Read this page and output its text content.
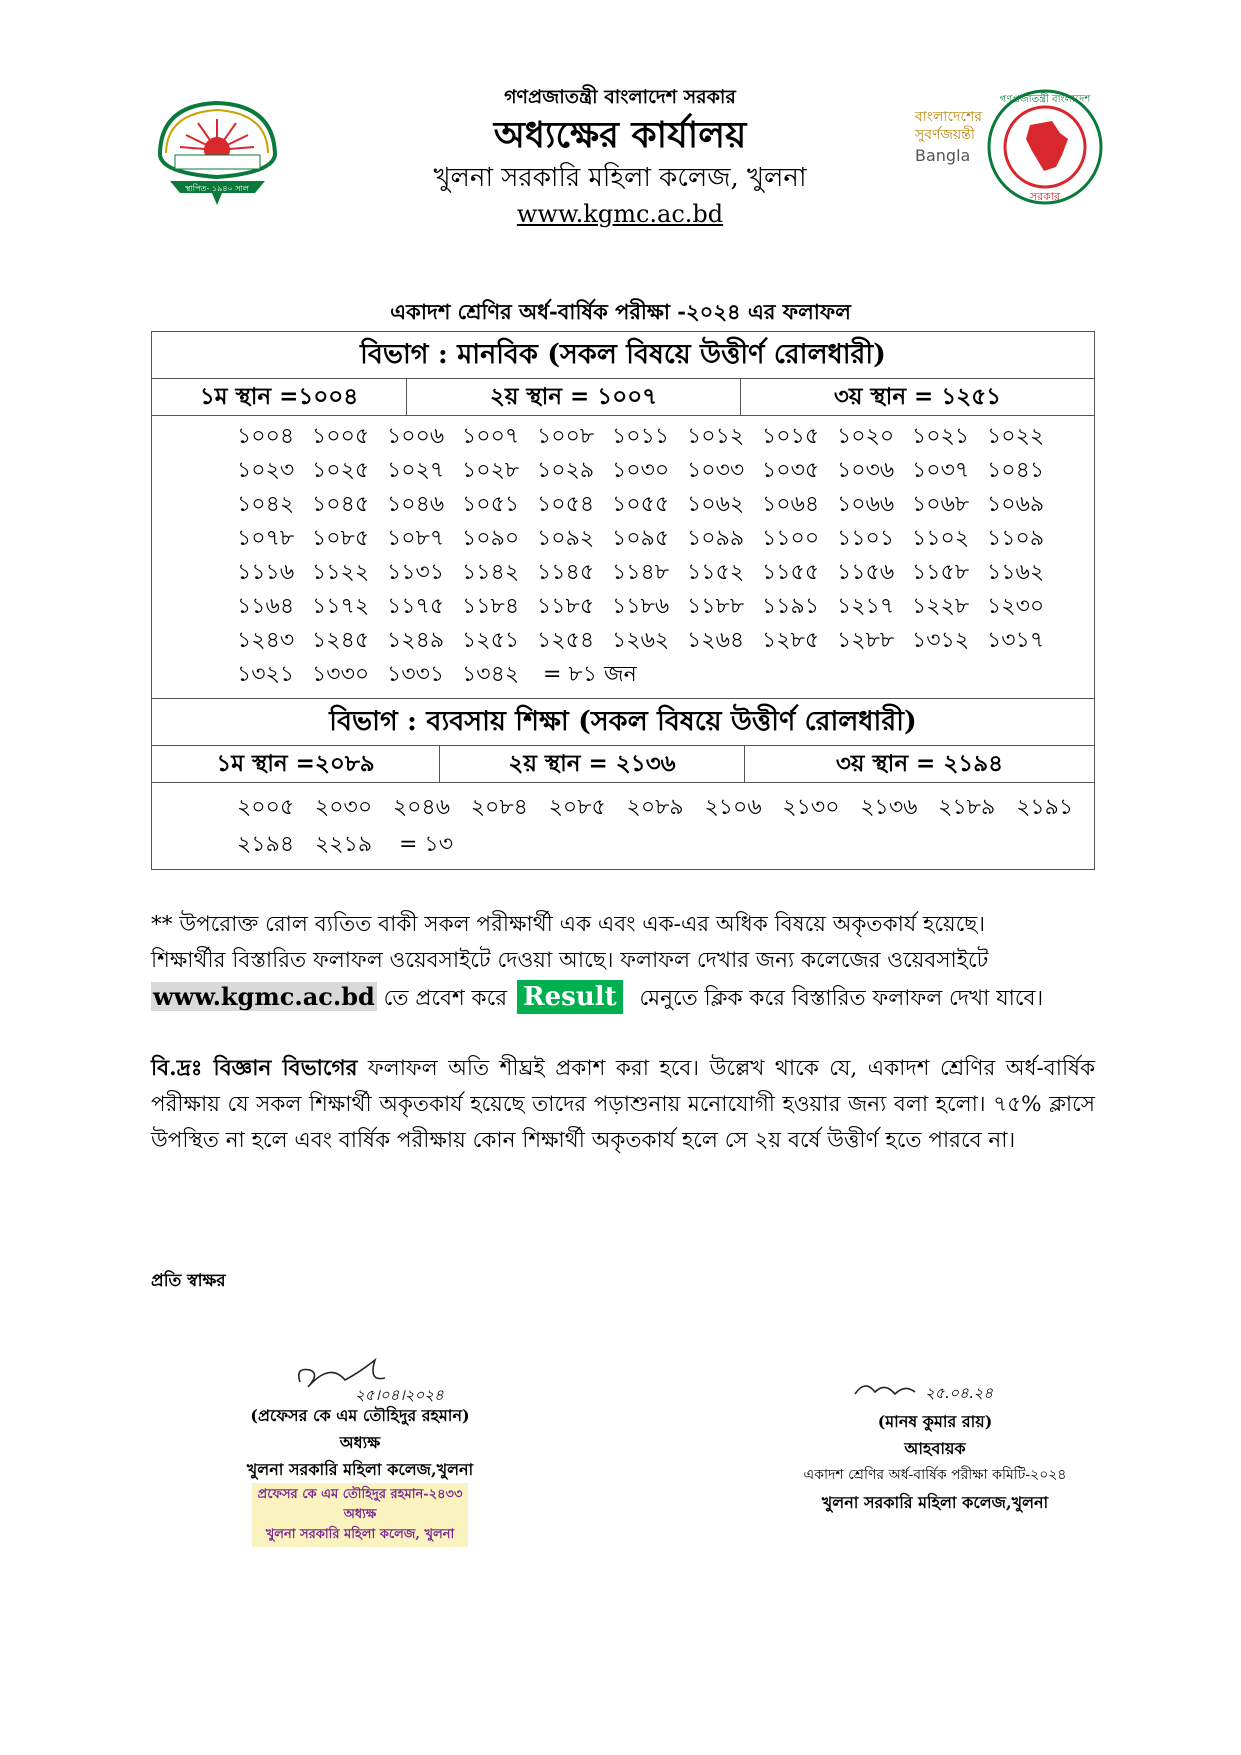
স্থাপিত- ১৯৪০ সাল

গণপ্রজাতন্ত্রী বাংলাদেশ সরকার

অধ্যক্ষের কার্যালয়

খুলনা সরকারি মহিলা কলেজ, খুলনা

www.kgmc.ac.bd

বাংলাদেশের
সুবর্ণজয়ন্তী
Bangla
গণপ্রজাতন্ত্রী বাংলাদেশ
সরকার
একাদশ শ্রেণির অর্ধ-বার্ষিক পরীক্ষা -২০২৪ এর ফলাফল
বিভাগ : মানবিক (সকল বিষয়ে উত্তীর্ণ রোলধারী)
১ম স্থান =১০০৪	২য় স্থান = ১০০৭	৩য় স্থান = ১২৫১
১০০৪ ১০০৫ ১০০৬ ১০০৭ ১০০৮ ১০১১ ১০১২ ১০১৫ ১০২০ ১০২১ ১০২২
১০২৩ ১০২৫ ১০২৭ ১০২৮ ১০২৯ ১০৩০ ১০৩৩ ১০৩৫ ১০৩৬ ১০৩৭ ১০৪১
১০৪২ ১০৪৫ ১০৪৬ ১০৫১ ১০৫৪ ১০৫৫ ১০৬২ ১০৬৪ ১০৬৬ ১০৬৮ ১০৬৯
১০৭৮ ১০৮৫ ১০৮৭ ১০৯০ ১০৯২ ১০৯৫ ১০৯৯ ১১০০ ১১০১ ১১০২ ১১০৯
১১১৬ ১১২২ ১১৩১ ১১৪২ ১১৪৫ ১১৪৮ ১১৫২ ১১৫৫ ১১৫৬ ১১৫৮ ১১৬২
১১৬৪ ১১৭২ ১১৭৫ ১১৮৪ ১১৮৫ ১১৮৬ ১১৮৮ ১১৯১ ১২১৭ ১২২৮ ১২৩০
১২৪৩ ১২৪৫ ১২৪৯ ১২৫১ ১২৫৪ ১২৬২ ১২৬৪ ১২৮৫ ১২৮৮ ১৩১২ ১৩১৭
১৩২১ ১৩৩০ ১৩৩১ ১৩৪২	= ৮১ জন
বিভাগ : ব্যবসায় শিক্ষা (সকল বিষয়ে উত্তীর্ণ রোলধারী)
১ম স্থান =২০৮৯	২য় স্থান = ২১৩৬	৩য় স্থান = ২১৯৪
২০০৫ ২০৩০ ২০৪৬ ২০৮৪ ২০৮৫ ২০৮৯ ২১০৬ ২১৩০ ২১৩৬ ২১৮৯ ২১৯১
২১৯৪ ২২১৯	= ১৩

** উপরোক্ত রোল ব্যতিত বাকী সকল পরীক্ষার্থী এক এবং এক-এর অধিক বিষয়ে অকৃতকার্য হয়েছে।
শিক্ষার্থীর বিস্তারিত ফলাফল ওয়েবসাইটে দেওয়া আছে। ফলাফল দেখার জন্য কলেজের ওয়েবসাইটে
www.kgmc.ac.bd তে প্রবেশ করে Result মেনুতে ক্লিক করে বিস্তারিত ফলাফল দেখা যাবে।

বি.দ্রঃ বিজ্ঞান বিভাগের ফলাফল অতি শীঘ্রই প্রকাশ করা হবে। উল্লেখ থাকে যে, একাদশ শ্রেণির অর্ধ-বার্ষিক পরীক্ষায় যে সকল শিক্ষার্থী অকৃতকার্য হয়েছে তাদের পড়াশুনায় মনোযোগী হওয়ার জন্য বলা হলো। ৭৫% ক্লাসে উপস্থিত না হলে এবং বার্ষিক পরীক্ষায় কোন শিক্ষার্থী অকৃতকার্য হলে সে ২য় বর্ষে উত্তীর্ণ হতে পারবে না।

প্রতি স্বাক্ষর
২৫।০৪।২০২৪
(প্রফেসর কে এম তৌহিদুর রহমান)
অধ্যক্ষ
খুলনা সরকারি মহিলা কলেজ,খুলনা
প্রফেসর কে এম তৌহিদুর রহমান-২৪৩৩
অধ্যক্ষ
খুলনা সরকারি মহিলা কলেজ, খুলনা
২৫.০৪.২৪
(মানষ কুমার রায়)
আহবায়ক
একাদশ শ্রেণির অর্ধ-বার্ষিক পরীক্ষা কমিটি-২০২৪
খুলনা সরকারি মহিলা কলেজ,খুলনা
